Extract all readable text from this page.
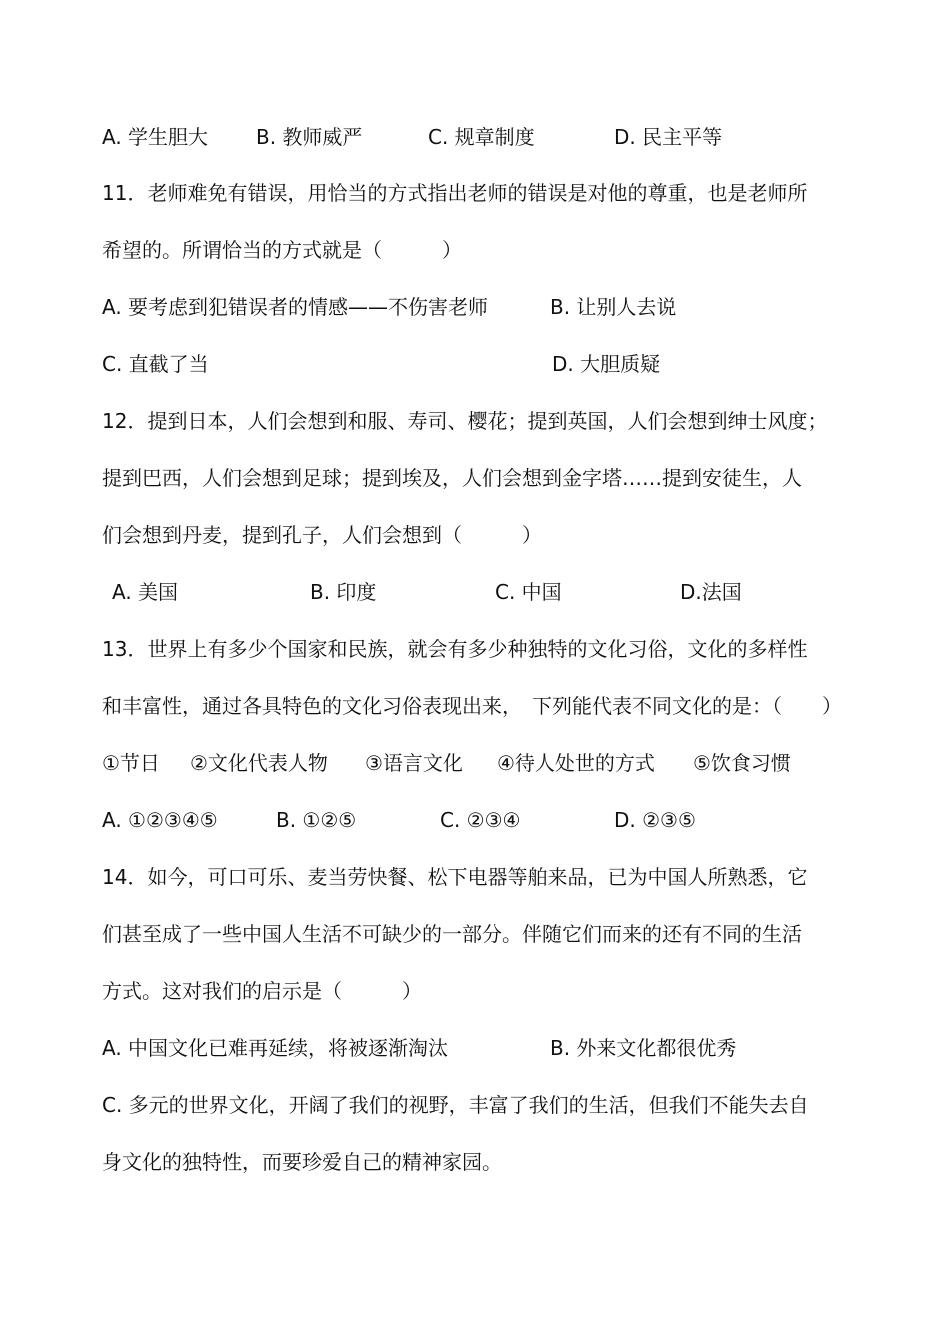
A. 学生胆大 B. 教师威严	C. 规章制度	D. 民主平等
11．老师难免有错误，用恰当的方式指出老师的错误是对他的尊重，也是老师所
希望的。所谓恰当的方式就是（　　　）
A. 要考虑到犯错误者的情感——不伤害老师	B. 让别人去说
C. 直截了当	D. 大胆质疑
12．提到日本，人们会想到和服、寿司、樱花；提到英国，人们会想到绅士风度；
提到巴西，人们会想到足球；提到埃及，人们会想到金字塔……提到安徒生，人
们会想到丹麦，提到孔子，人们会想到（　　　）
A. 美国	B. 印度	C. 中国	D.法国
13．世界上有多少个国家和民族，就会有多少种独特的文化习俗，文化的多样性
和丰富性，通过各具特色的文化习俗表现出来，　下列能代表不同文化的是：（　　）
①节日 ②文化代表人物 ③语言文化 ④待人处世的方式 ⑤饮食习惯
A. ①②③④⑤	B. ①②⑤	C. ②③④	D. ②③⑤
14．如今，可口可乐、麦当劳快餐、松下电器等舶来品，已为中国人所熟悉，它
们甚至成了一些中国人生活不可缺少的一部分。伴随它们而来的还有不同的生活
方式。这对我们的启示是（　　　）
A. 中国文化已难再延续，将被逐渐淘汰	B. 外来文化都很优秀
C. 多元的世界文化，开阔了我们的视野，丰富了我们的生活，但我们不能失去自
身文化的独特性，而要珍爱自己的精神家园。
